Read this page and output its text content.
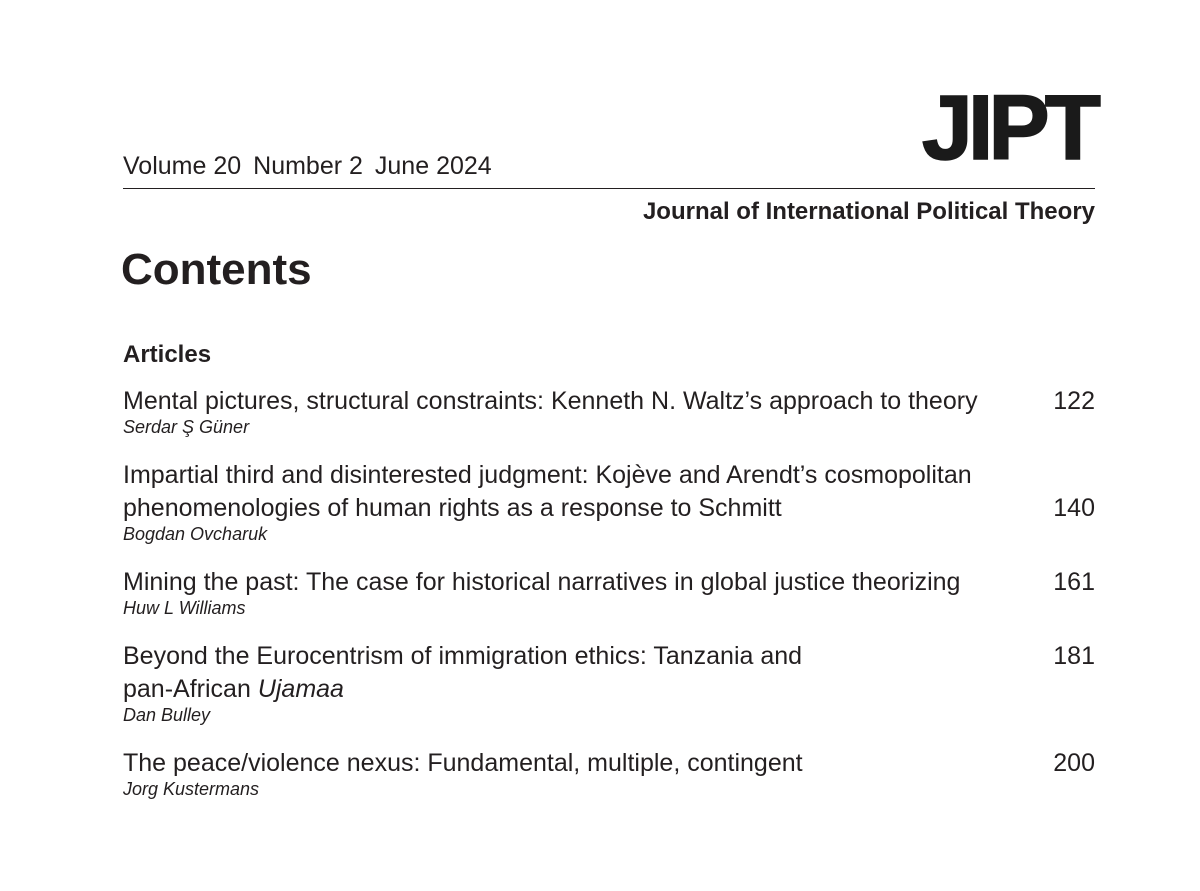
JIPT
Volume 20 Number 2 June 2024
Journal of International Political Theory
Contents
Articles
122
Mental pictures, structural constraints: Kenneth N. Waltz’s approach to theory
Serdar Ş Güner
140
Impartial third and disinterested judgment: Kojève and Arendt’s cosmopolitan phenomenologies of human rights as a response to Schmitt
Bogdan Ovcharuk
161
Mining the past: The case for historical narratives in global justice theorizing
Huw L Williams
181
Beyond the Eurocentrism of immigration ethics: Tanzania and pan-African Ujamaa
Dan Bulley
200
The peace/violence nexus: Fundamental, multiple, contingent
Jorg Kustermans
